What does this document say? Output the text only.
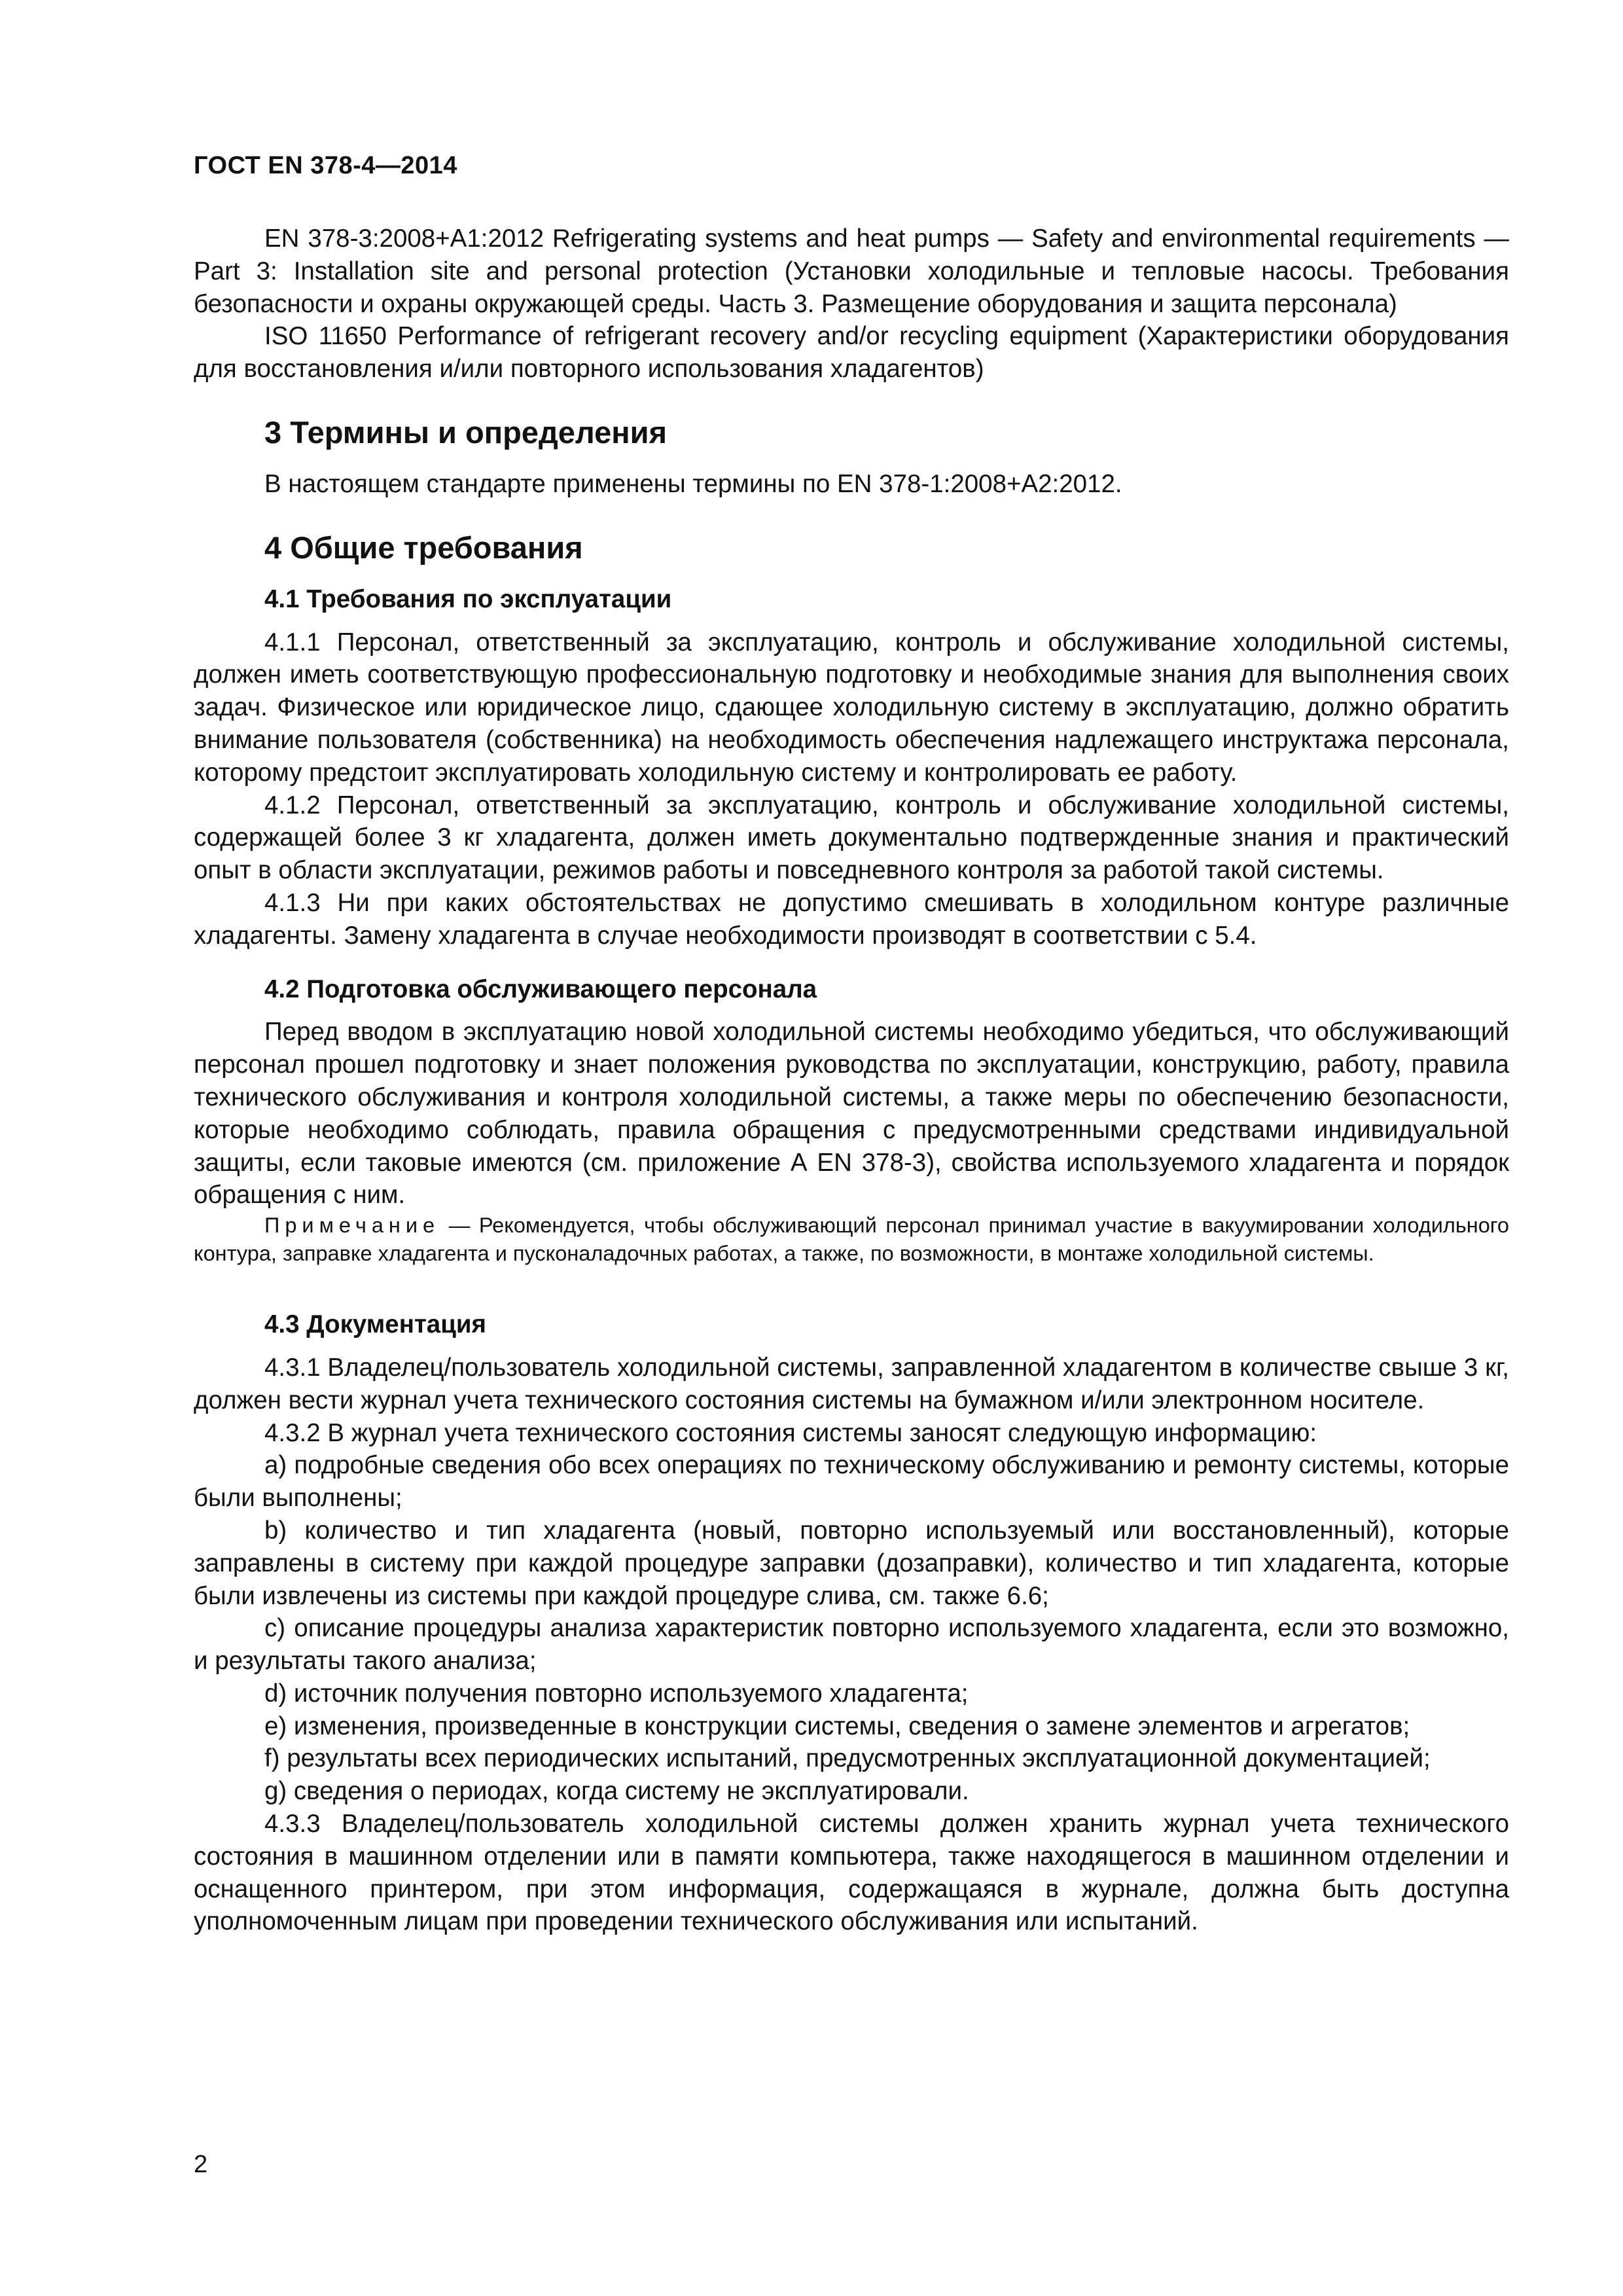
ГОСТ EN 378-4—2014

EN 378-3:2008+A1:2012 Refrigerating systems and heat pumps — Safety and environmental requirements — Part 3: Installation site and personal protection (Установки холодильные и тепловые насосы. Требования безопасности и охраны окружающей среды. Часть 3. Размещение оборудования и защита персонала)

ISO 11650 Performance of refrigerant recovery and/or recycling equipment (Характеристики оборудования для восстановления и/или повторного использования хладагентов)

3 Термины и определения

В настоящем стандарте применены термины по EN 378-1:2008+A2:2012.

4 Общие требования
4.1 Требования по эксплуатации

4.1.1 Персонал, ответственный за эксплуатацию, контроль и обслуживание холодильной системы, должен иметь соответствующую профессиональную подготовку и необходимые знания для выполнения своих задач. Физическое или юридическое лицо, сдающее холодильную систему в эксплуатацию, должно обратить внимание пользователя (собственника) на необходимость обеспечения надлежащего инструктажа персонала, которому предстоит эксплуатировать холодильную систему и контролировать ее работу.

4.1.2 Персонал, ответственный за эксплуатацию, контроль и обслуживание холодильной системы, содержащей более 3 кг хладагента, должен иметь документально подтвержденные знания и практический опыт в области эксплуатации, режимов работы и повседневного контроля за работой такой системы.

4.1.3 Ни при каких обстоятельствах не допустимо смешивать в холодильном контуре различные хладагенты. Замену хладагента в случае необходимости производят в соответствии с 5.4.

4.2 Подготовка обслуживающего персонала

Перед вводом в эксплуатацию новой холодильной системы необходимо убедиться, что обслуживающий персонал прошел подготовку и знает положения руководства по эксплуатации, конструкцию, работу, правила технического обслуживания и контроля холодильной системы, а также меры по обеспечению безопасности, которые необходимо соблюдать, правила обращения с предусмотренными средствами индивидуальной защиты, если таковые имеются (см. приложение А EN 378-3), свойства используемого хладагента и порядок обращения с ним.

Примечание — Рекомендуется, чтобы обслуживающий персонал принимал участие в вакуумировании холодильного контура, заправке хладагента и пусконаладочных работах, а также, по возможности, в монтаже холодильной системы.

4.3 Документация

4.3.1 Владелец/пользователь холодильной системы, заправленной хладагентом в количестве свыше 3 кг, должен вести журнал учета технического состояния системы на бумажном и/или электронном носителе.

4.3.2 В журнал учета технического состояния системы заносят следующую информацию:

а) подробные сведения обо всех операциях по техническому обслуживанию и ремонту системы, которые были выполнены;

b) количество и тип хладагента (новый, повторно используемый или восстановленный), которые заправлены в систему при каждой процедуре заправки (дозаправки), количество и тип хладагента, которые были извлечены из системы при каждой процедуре слива, см. также 6.6;

с) описание процедуры анализа характеристик повторно используемого хладагента, если это возможно, и результаты такого анализа;

d) источник получения повторно используемого хладагента;

е) изменения, произведенные в конструкции системы, сведения о замене элементов и агрегатов;

f) результаты всех периодических испытаний, предусмотренных эксплуатационной документацией;

g) сведения о периодах, когда систему не эксплуатировали.

4.3.3 Владелец/пользователь холодильной системы должен хранить журнал учета технического состояния в машинном отделении или в памяти компьютера, также находящегося в машинном отделении и оснащенного принтером, при этом информация, содержащаяся в журнале, должна быть доступна уполномоченным лицам при проведении технического обслуживания или испытаний.

2
